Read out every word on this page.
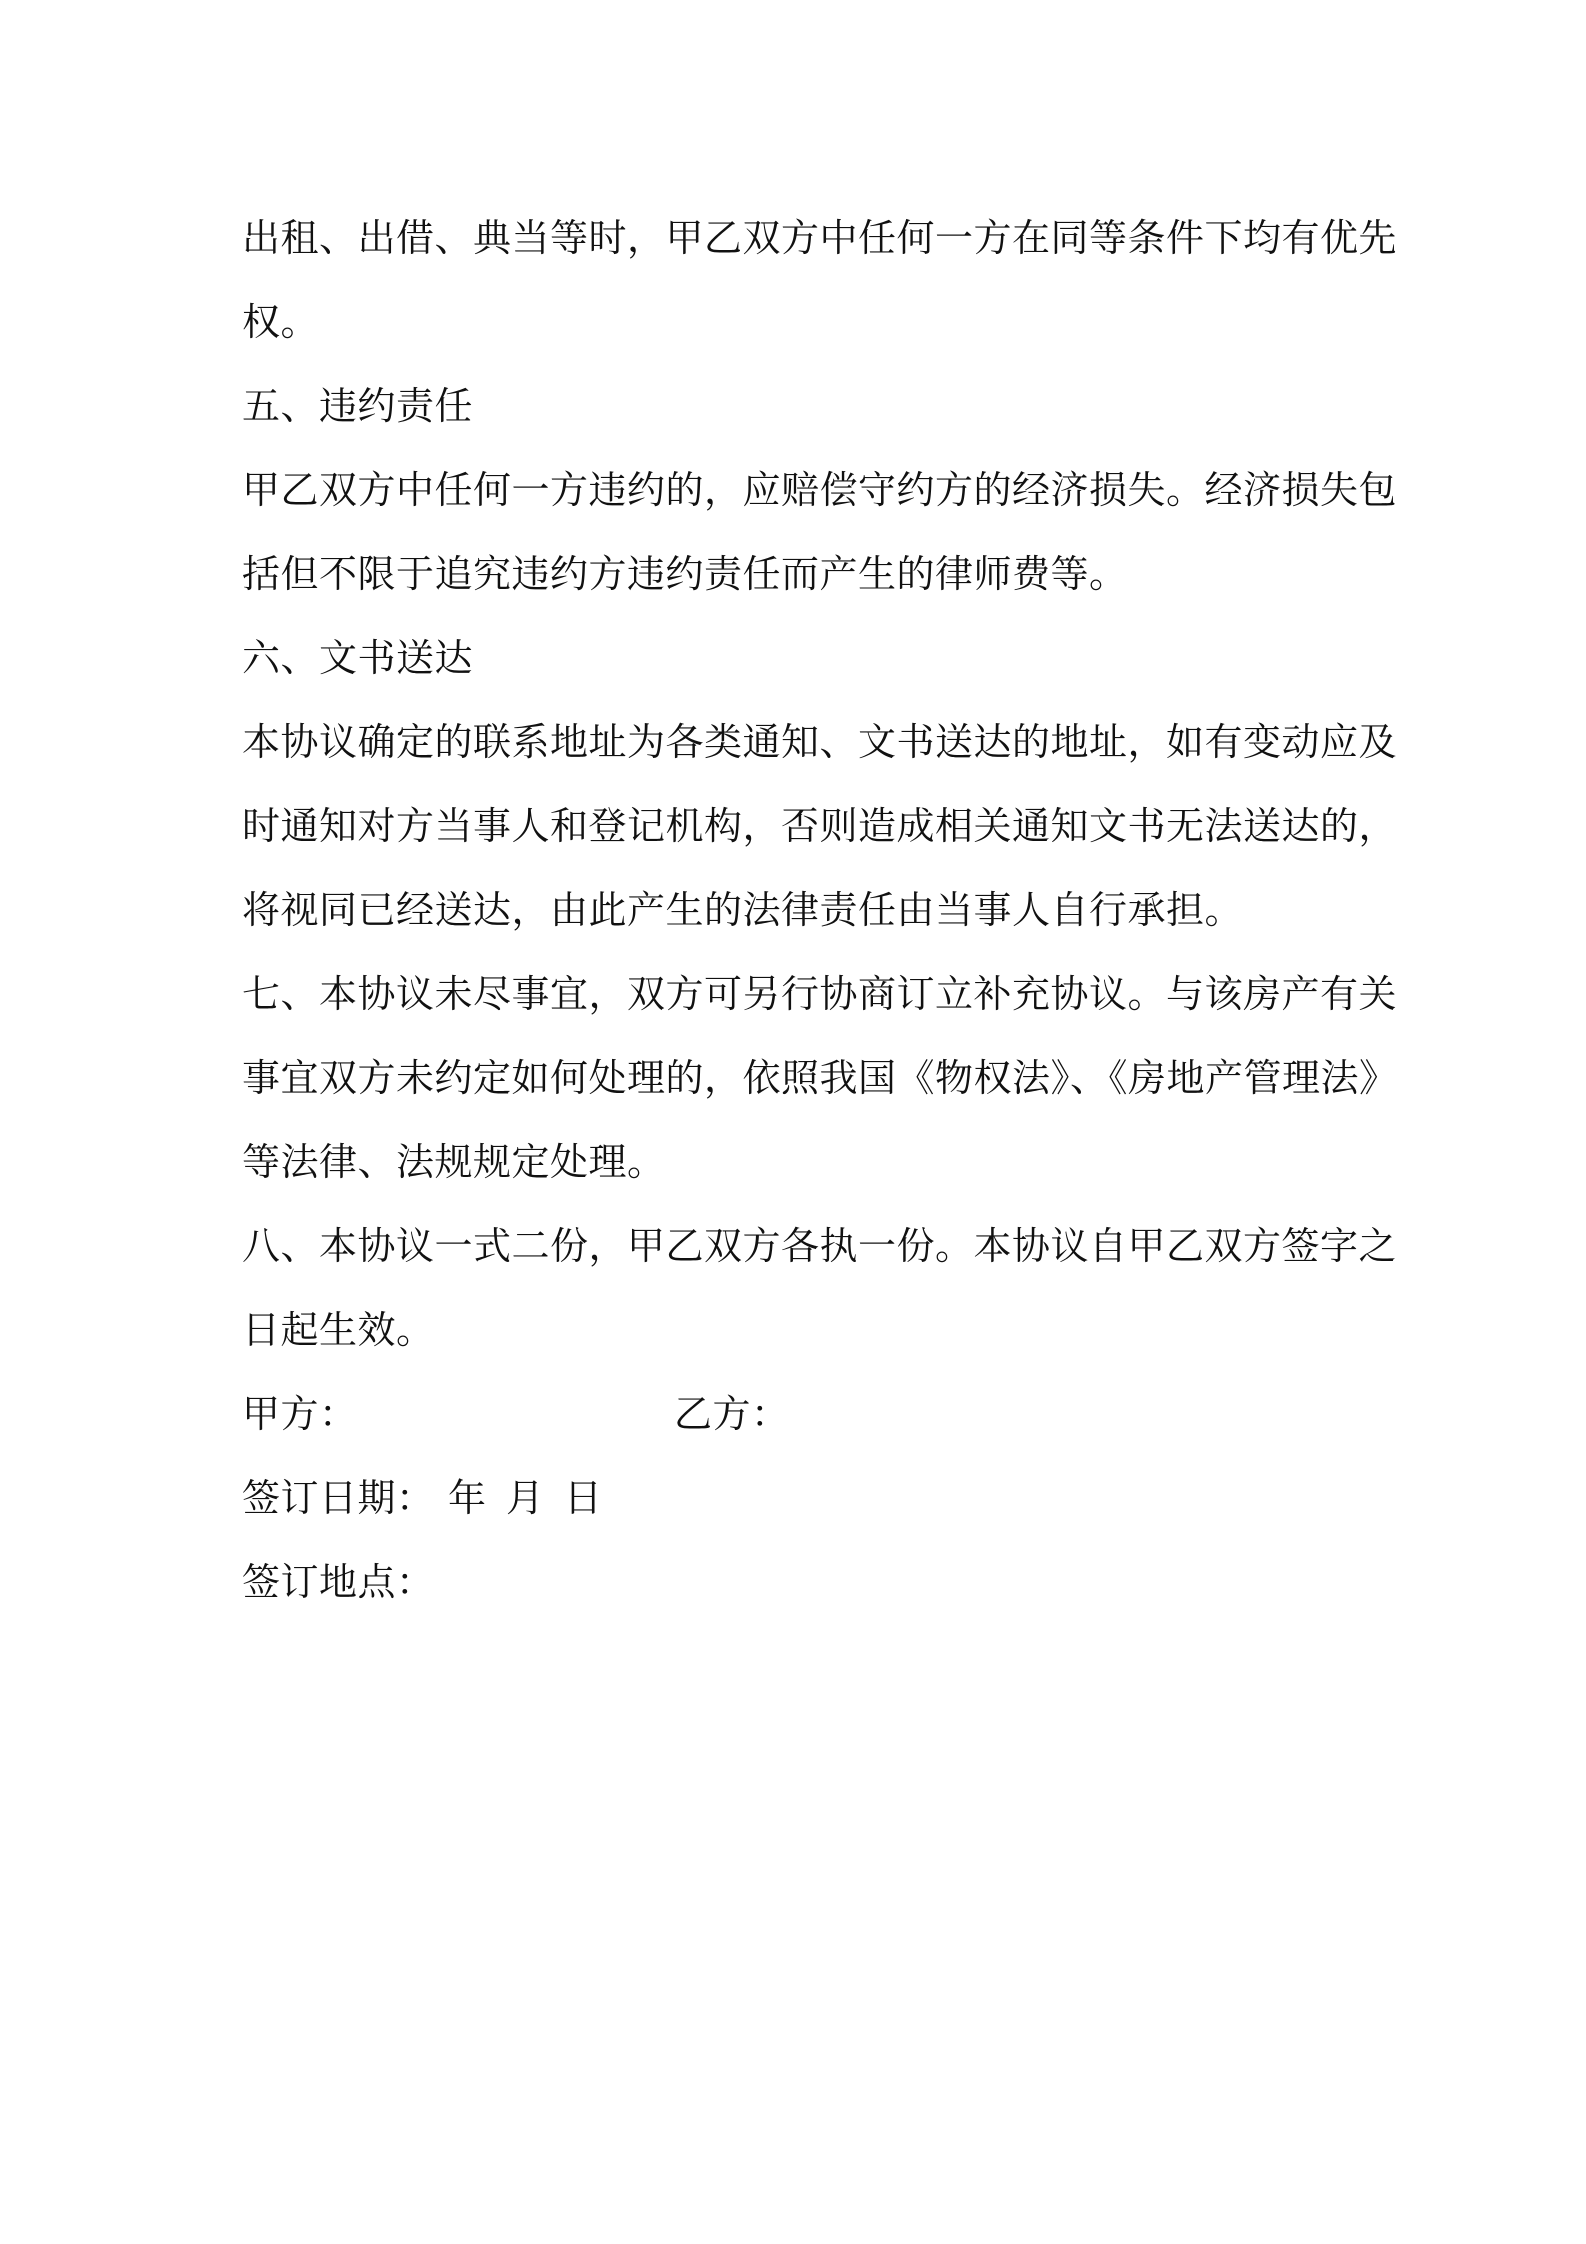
出租、出借、典当等时，甲乙双方中任何一方在同等条件下均有优先
权。
五、违约责任
甲乙双方中任何一方违约的，应赔偿守约方的经济损失。经济损失包
括但不限于追究违约方违约责任而产生的律师费等。
六、文书送达
本协议确定的联系地址为各类通知、文书送达的地址，如有变动应及
时通知对方当事人和登记机构，否则造成相关通知文书无法送达的，
将视同已经送达，由此产生的法律责任由当事人自行承担。
七、本协议未尽事宜，双方可另行协商订立补充协议。与该房产有关
事宜双方未约定如何处理的，依照我国《物权法》、《房地产管理法》
等法律、法规规定处理。
八、本协议一式二份，甲乙双方各执一份。本协议自甲乙双方签字之
日起生效。
甲方：	乙方：
签订日期： 年 月 日
签订地点：
